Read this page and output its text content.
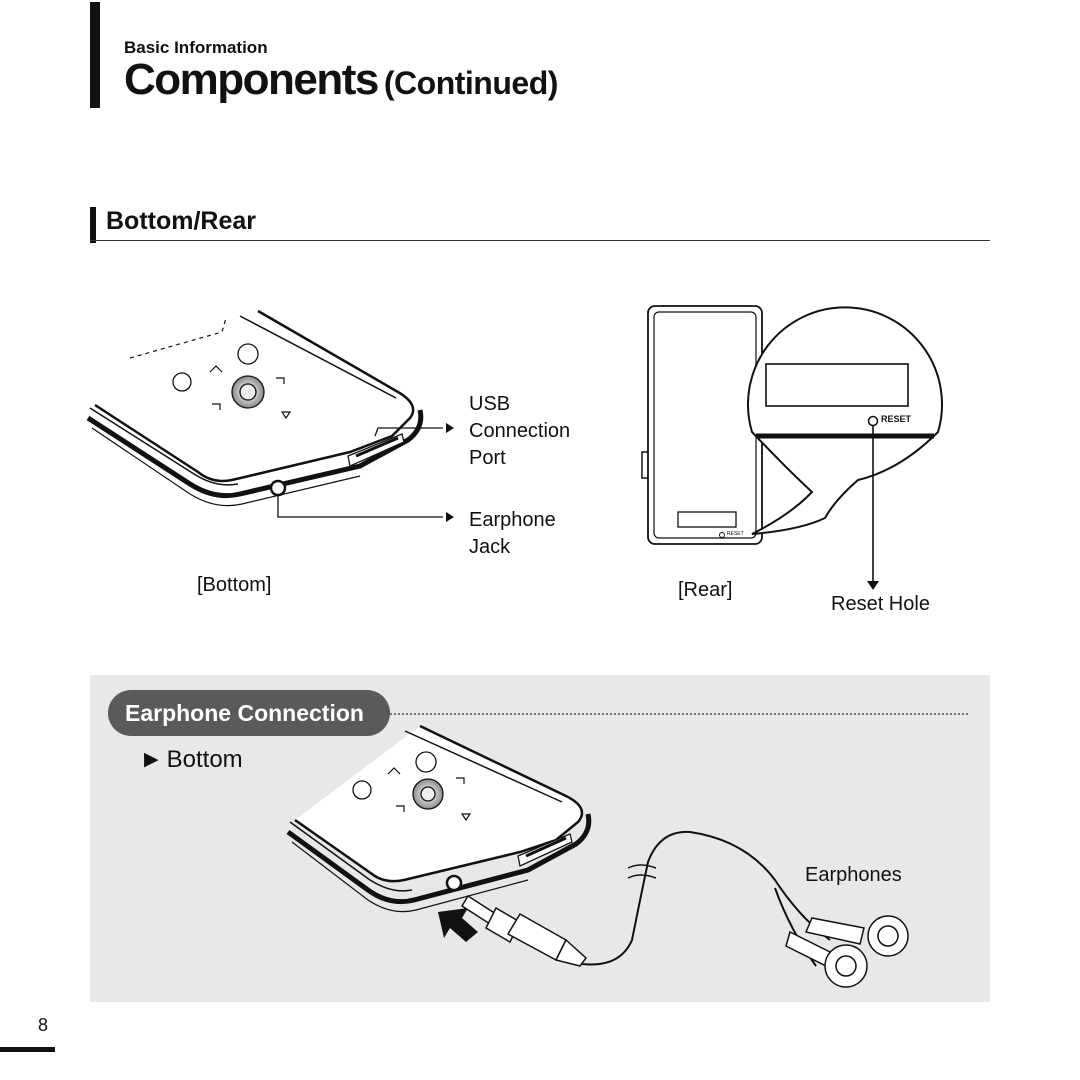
Basic Information
Components (Continued)
Bottom/Rear
USB
Connection
Port
Earphone
Jack
[Bottom]
RESET
RESET
[Rear]
Reset Hole
Earphone Connection
▶ Bottom
Earphones
8
